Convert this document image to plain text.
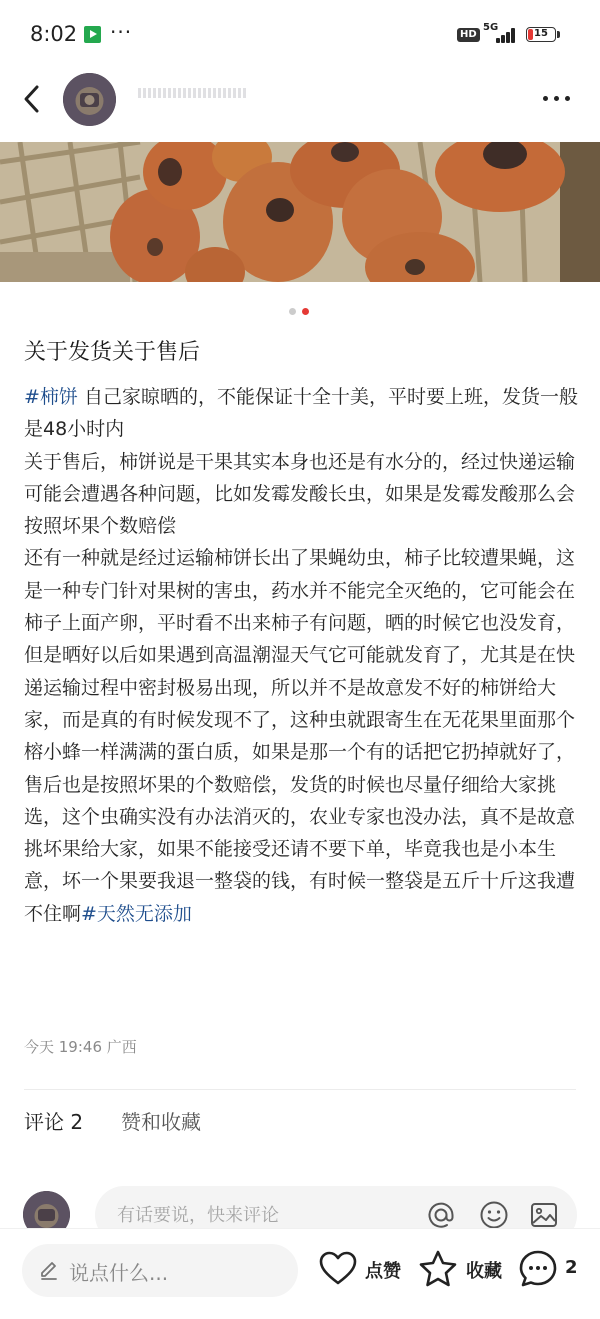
8:02 ···	HD
5G
15
关于发货关于售后
#柿饼 自己家晾晒的，不能保证十全十美，平时要上班，发货一般是48小时内
关于售后，柿饼说是干果其实本身也还是有水分的，经过快递运输可能会遭遇各种问题，比如发霉发酸长虫，如果是发霉发酸那么会按照坏果个数赔偿
还有一种就是经过运输柿饼长出了果蝇幼虫，柿子比较遭果蝇，这是一种专门针对果树的害虫，药水并不能完全灭绝的，它可能会在柿子上面产卵，平时看不出来柿子有问题，晒的时候它也没发育，但是晒好以后如果遇到高温潮湿天气它可能就发育了，尤其是在快递运输过程中密封极易出现，所以并不是故意发不好的柿饼给大家，而是真的有时候发现不了，这种虫就跟寄生在无花果里面那个榕小蜂一样满满的蛋白质，如果是那一个有的话把它扔掉就好了，售后也是按照坏果的个数赔偿，发货的时候也尽量仔细给大家挑选，这个虫确实没有办法消灭的，农业专家也没办法，真不是故意挑坏果给大家，如果不能接受还请不要下单，毕竟我也是小本生意，坏一个果要我退一整袋的钱，有时候一整袋是五斤十斤这我遭不住啊#天然无添加
今天 19:46 广西
评论 2 赞和收藏
有话要说，快来评论
说点什么...	点赞	收藏	2
